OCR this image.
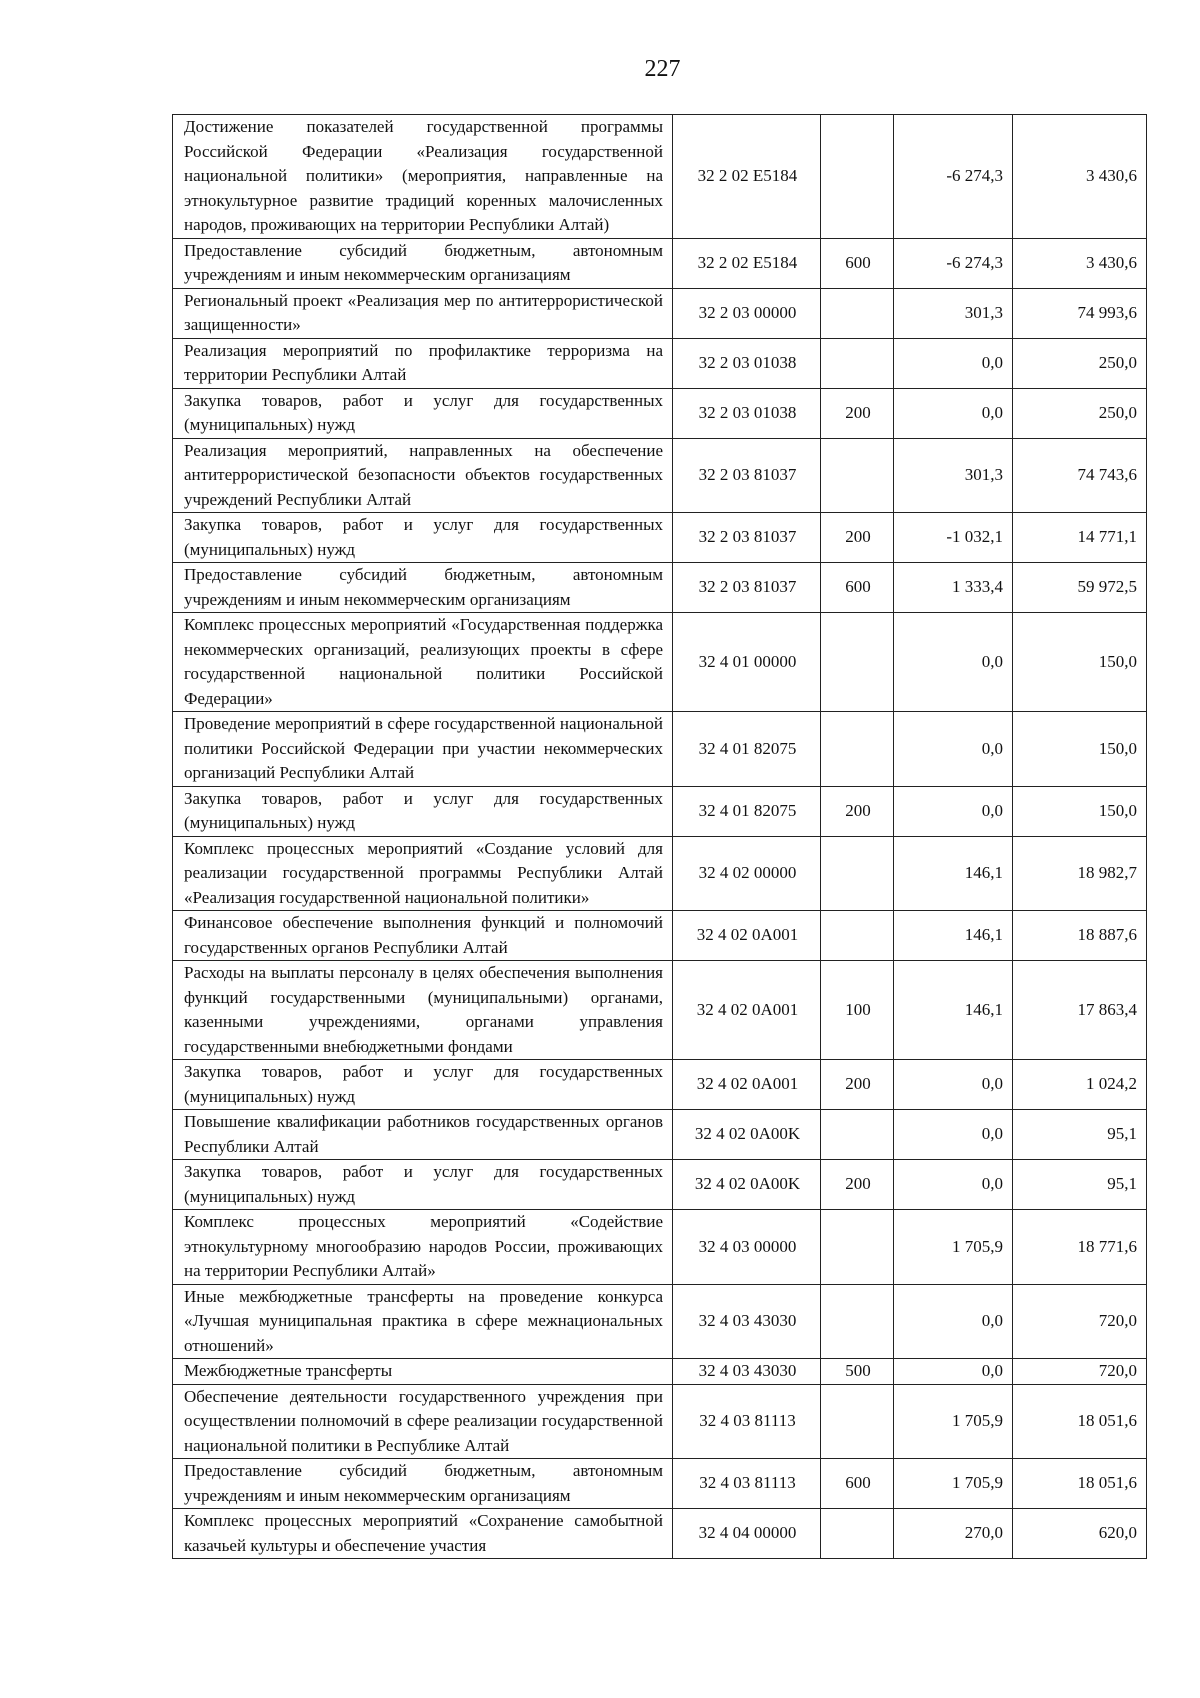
227
Достижение показателей государственной программы Российской Федерации «Реализация государственной национальной политики» (мероприятия, направленные на этнокультурное развитие традиций коренных малочисленных народов, проживающих на территории Республики Алтай)	32 2 02 E5184		-6 274,3	3 430,6
Предоставление субсидий бюджетным, автономным учреждениям и иным некоммерческим организациям	32 2 02 E5184	600	-6 274,3	3 430,6
Региональный проект «Реализация мер по антитеррористической защищенности»	32 2 03 00000		301,3	74 993,6
Реализация мероприятий по профилактике терроризма на территории Республики Алтай	32 2 03 01038		0,0	250,0
Закупка товаров, работ и услуг для государственных (муниципальных) нужд	32 2 03 01038	200	0,0	250,0
Реализация мероприятий, направленных на обеспечение антитеррористической безопасности объектов государственных учреждений Республики Алтай	32 2 03 81037		301,3	74 743,6
Закупка товаров, работ и услуг для государственных (муниципальных) нужд	32 2 03 81037	200	-1 032,1	14 771,1
Предоставление субсидий бюджетным, автономным учреждениям и иным некоммерческим организациям	32 2 03 81037	600	1 333,4	59 972,5
Комплекс процессных мероприятий «Государственная поддержка некоммерческих организаций, реализующих проекты в сфере государственной национальной политики Российской Федерации»	32 4 01 00000		0,0	150,0
Проведение мероприятий в сфере государственной национальной политики Российской Федерации при участии некоммерческих организаций Республики Алтай	32 4 01 82075		0,0	150,0
Закупка товаров, работ и услуг для государственных (муниципальных) нужд	32 4 01 82075	200	0,0	150,0
Комплекс процессных мероприятий «Создание условий для реализации государственной программы Республики Алтай «Реализация государственной национальной политики»	32 4 02 00000		146,1	18 982,7
Финансовое обеспечение выполнения функций и полномочий государственных органов Республики Алтай	32 4 02 0A001		146,1	18 887,6
Расходы на выплаты персоналу в целях обеспечения выполнения функций государственными (муниципальными) органами, казенными учреждениями, органами управления государственными внебюджетными фондами	32 4 02 0A001	100	146,1	17 863,4
Закупка товаров, работ и услуг для государственных (муниципальных) нужд	32 4 02 0A001	200	0,0	1 024,2
Повышение квалификации работников государственных органов Республики Алтай	32 4 02 0A00K		0,0	95,1
Закупка товаров, работ и услуг для государственных (муниципальных) нужд	32 4 02 0A00K	200	0,0	95,1
Комплекс процессных мероприятий «Содействие этнокультурному многообразию народов России, проживающих на территории Республики Алтай»	32 4 03 00000		1 705,9	18 771,6
Иные межбюджетные трансферты на проведение конкурса «Лучшая муниципальная практика в сфере межнациональных отношений»	32 4 03 43030		0,0	720,0
Межбюджетные трансферты	32 4 03 43030	500	0,0	720,0
Обеспечение деятельности государственного учреждения при осуществлении полномочий в сфере реализации государственной национальной политики в Республике Алтай	32 4 03 81113		1 705,9	18 051,6
Предоставление субсидий бюджетным, автономным учреждениям и иным некоммерческим организациям	32 4 03 81113	600	1 705,9	18 051,6
Комплекс процессных мероприятий «Сохранение самобытной казачьей культуры и обеспечение участия	32 4 04 00000		270,0	620,0
